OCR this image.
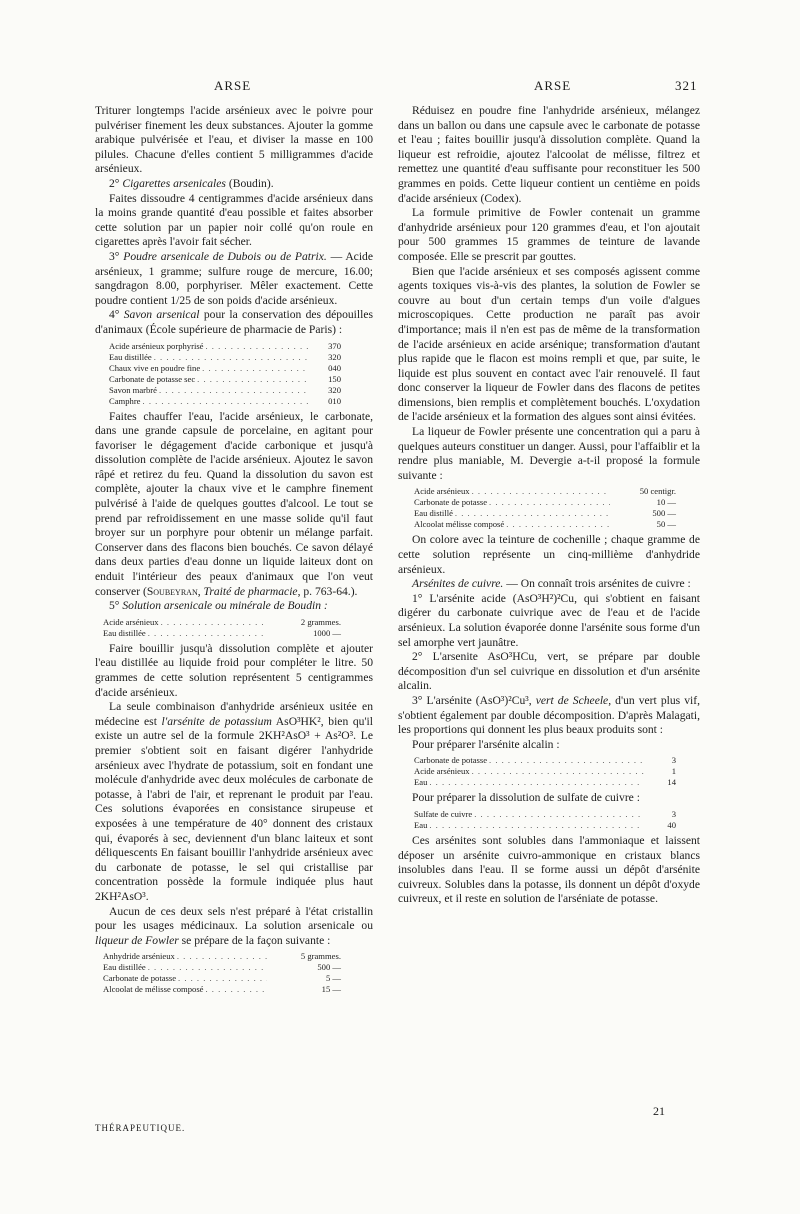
ARSE	ARSE	321

Triturer longtemps l'acide arsénieux avec le poivre pour pulvériser finement les deux substances. Ajouter la gomme arabique pulvérisée et l'eau, et diviser la masse en 100 pilules. Chacune d'elles contient 5 milligrammes d'acide arsénieux.

2° Cigarettes arsenicales (Boudin).

Faites dissoudre 4 centigrammes d'acide arsénieux dans la moins grande quantité d'eau possible et faites absorber cette solution par un papier noir collé qu'on roule en cigarettes après l'avoir fait sécher.

3° Poudre arsenicale de Dubois ou de Patrix. — Acide arsénieux, 1 gramme; sulfure rouge de mercure, 16.00; sangdragon 8.00, porphyriser. Mêler exactement. Cette poudre contient 1/25 de son poids d'acide arsénieux.

4° Savon arsenical pour la conservation des dépouilles d'animaux (École supérieure de pharmacie de Paris) :

Acide arsénieux porphyrisé . . .	370
Eau distillée . . .	320
Chaux vive en poudre fine . . .	040
Carbonate de potasse sec . . .	150
Savon marbré . . .	320
Camphre . . .	010

Faites chauffer l'eau, l'acide arsénieux, le carbonate, dans une grande capsule de porcelaine, en agitant pour favoriser le dégagement d'acide carbonique et jusqu'à dissolution complète de l'acide arsénieux. Ajoutez le savon râpé et retirez du feu. Quand la dissolution du savon est complète, ajouter la chaux vive et le camphre finement pulvérisé à l'aide de quelques gouttes d'alcool. Le tout se prend par refroidissement en une masse solide qu'il faut broyer sur un porphyre pour obtenir un mélange parfait. Conserver dans des flacons bien bouchés. Ce savon délayé dans deux parties d'eau donne un liquide laiteux dont on enduit l'intérieur des peaux d'animaux que l'on veut conserver (Soubeyran, Traité de pharmacie, p. 763-64.).

5° Solution arsenicale ou minérale de Boudin :

Acide arsénieux . . .	2 grammes.
Eau distillée . . .	1000 —

Faire bouillir jusqu'à dissolution complète et ajouter l'eau distillée au liquide froid pour compléter le litre. 50 grammes de cette solution représentent 5 centigrammes d'acide arsénieux.

La seule combinaison d'anhydride arsénieux usitée en médecine est l'arsénite de potassium AsO³HK², bien qu'il existe un autre sel de la formule 2KH²AsO³ + As²O³. Le premier s'obtient soit en faisant digérer l'anhydride arsénieux avec l'hydrate de potassium, soit en fondant une molécule d'anhydride avec deux molécules de carbonate de potasse, à l'abri de l'air, et reprenant le produit par l'eau. Ces solutions évaporées en consistance sirupeuse et exposées à une température de 40° donnent des cristaux qui, évaporés à sec, deviennent d'un blanc laiteux et sont déliquescents En faisant bouillir l'anhydride arsénieux avec du carbonate de potasse, le sel qui cristallise par concentration possède la formule indiquée plus haut 2KH²AsO³.

Aucun de ces deux sels n'est préparé à l'état cristallin pour les usages médicinaux. La solution arsenicale ou liqueur de Fowler se prépare de la façon suivante :

Anhydride arsénieux . . .	5 grammes.
Eau distillée . . .	500 —
Carbonate de potasse . . .	5 —
Alcoolat de mélisse composé . . .	15 —
THÉRAPEUTIQUE.

Réduisez en poudre fine l'anhydride arsénieux, mélangez dans un ballon ou dans une capsule avec le carbonate de potasse et l'eau ; faites bouillir jusqu'à dissolution complète. Quand la liqueur est refroidie, ajoutez l'alcoolat de mélisse, filtrez et remettez une quantité d'eau suffisante pour reconstituer les 500 grammes en poids. Cette liqueur contient un centième en poids d'acide arsénieux (Codex).

La formule primitive de Fowler contenait un gramme d'anhydride arsénieux pour 120 grammes d'eau, et l'on ajoutait pour 500 grammes 15 grammes de teinture de lavande composée. Elle se prescrit par gouttes.

Bien que l'acide arsénieux et ses composés agissent comme agents toxiques vis-à-vis des plantes, la solution de Fowler se couvre au bout d'un certain temps d'un voile d'algues microscopiques. Cette production ne paraît pas avoir d'importance; mais il n'en est pas de même de la transformation de l'acide arsénieux en acide arsénique; transformation d'autant plus rapide que le flacon est moins rempli et que, par suite, le liquide est plus souvent en contact avec l'air renouvelé. Il faut donc conserver la liqueur de Fowler dans des flacons de petites dimensions, bien remplis et complètement bouchés. L'oxydation de l'acide arsénieux et la formation des algues sont ainsi évitées.

La liqueur de Fowler présente une concentration qui a paru à quelques auteurs constituer un danger. Aussi, pour l'affaiblir et la rendre plus maniable, M. Devergie a-t-il proposé la formule suivante :

Acide arsénieux . . .	50 centigr.
Carbonate de potasse . . .	10 —
Eau distillé . . .	500 —
Alcoolat mélisse composé . . .	50 —

On colore avec la teinture de cochenille ; chaque gramme de cette solution représente un cinq-millième d'anhydride arsénieux.

Arsénites de cuivre. — On connaît trois arsénites de cuivre :

1° L'arsénite acide (AsO³H²)²Cu, qui s'obtient en faisant digérer du carbonate cuivrique avec de l'eau et de l'acide arsénieux. La solution évaporée donne l'arsénite sous forme d'un sel amorphe vert jaunâtre.

2° L'arsenite AsO³HCu, vert, se prépare par double décomposition d'un sel cuivrique en dissolution et d'un arsénite alcalin.

3° L'arsénite (AsO³)²Cu³, vert de Scheele, d'un vert plus vif, s'obtient également par double décomposition. D'après Malagati, les proportions qui donnent les plus beaux produits sont :

Pour préparer l'arsénite alcalin :

Carbonate de potasse . . .	3
Acide arsénieux . . .	1
Eau . . .	14

Pour préparer la dissolution de sulfate de cuivre :

Sulfate de cuivre . . .	3
Eau . . .	40

Ces arsénites sont solubles dans l'ammoniaque et laissent déposer un arsénite cuivro-ammonique en cristaux blancs insolubles dans l'eau. Il se forme aussi un dépôt d'arsénite cuivreux. Solubles dans la potasse, ils donnent un dépôt d'oxyde cuivreux, et il reste en solution de l'arséniate de potasse.

21
